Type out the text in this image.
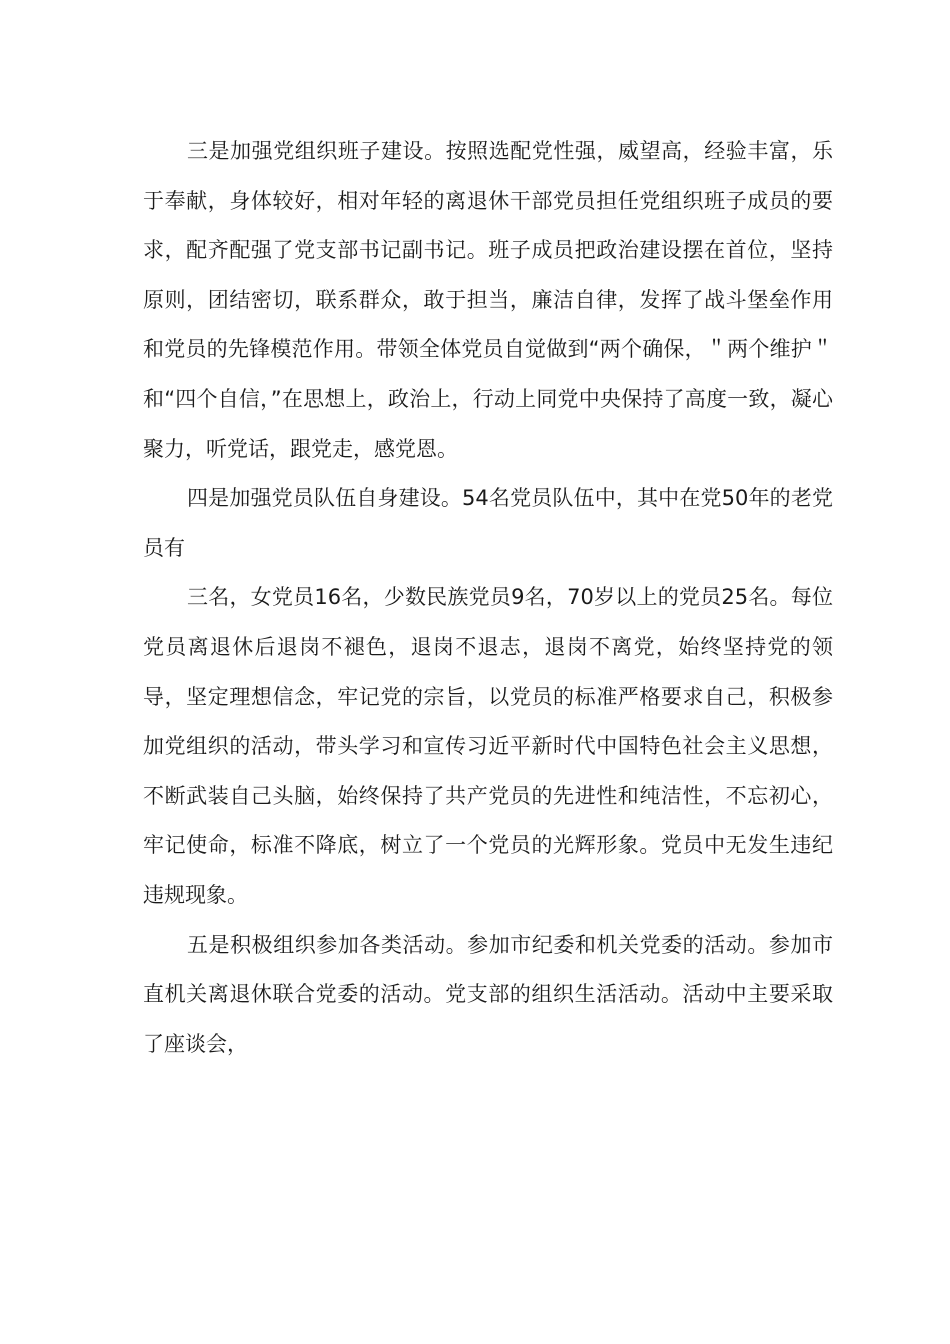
三是加强党组织班子建设。按照选配党性强，威望高，经验丰富，乐于奉献，身体较好，相对年轻的离退休干部党员担任党组织班子成员的要求，配齐配强了党支部书记副书记。班子成员把政治建设摆在首位，坚持原则，团结密切，联系群众，敢于担当，廉洁自律，发挥了战斗堡垒作用和党员的先锋模范作用。带领全体党员自觉做到“两个确保，＂两个维护＂和“四个自信，”在思想上，政治上，行动上同党中央保持了高度一致，凝心聚力，听党话，跟党走，感党恩。

四是加强党员队伍自身建设。54名党员队伍中，其中在党50年的老党员有

三名，女党员16名，少数民族党员9名，70岁以上的党员25名。每位党员离退休后退岗不褪色，退岗不退志，退岗不离党，始终坚持党的领导，坚定理想信念，牢记党的宗旨，以党员的标准严格要求自己，积极参加党组织的活动，带头学习和宣传习近平新时代中国特色社会主义思想，不断武装自己头脑，始终保持了共产党员的先进性和纯洁性，不忘初心，牢记使命，标准不降底，树立了一个党员的光辉形象。党员中无发生违纪违规现象。

五是积极组织参加各类活动。参加市纪委和机关党委的活动。参加市直机关离退休联合党委的活动。党支部的组织生活活动。活动中主要采取了座谈会，
